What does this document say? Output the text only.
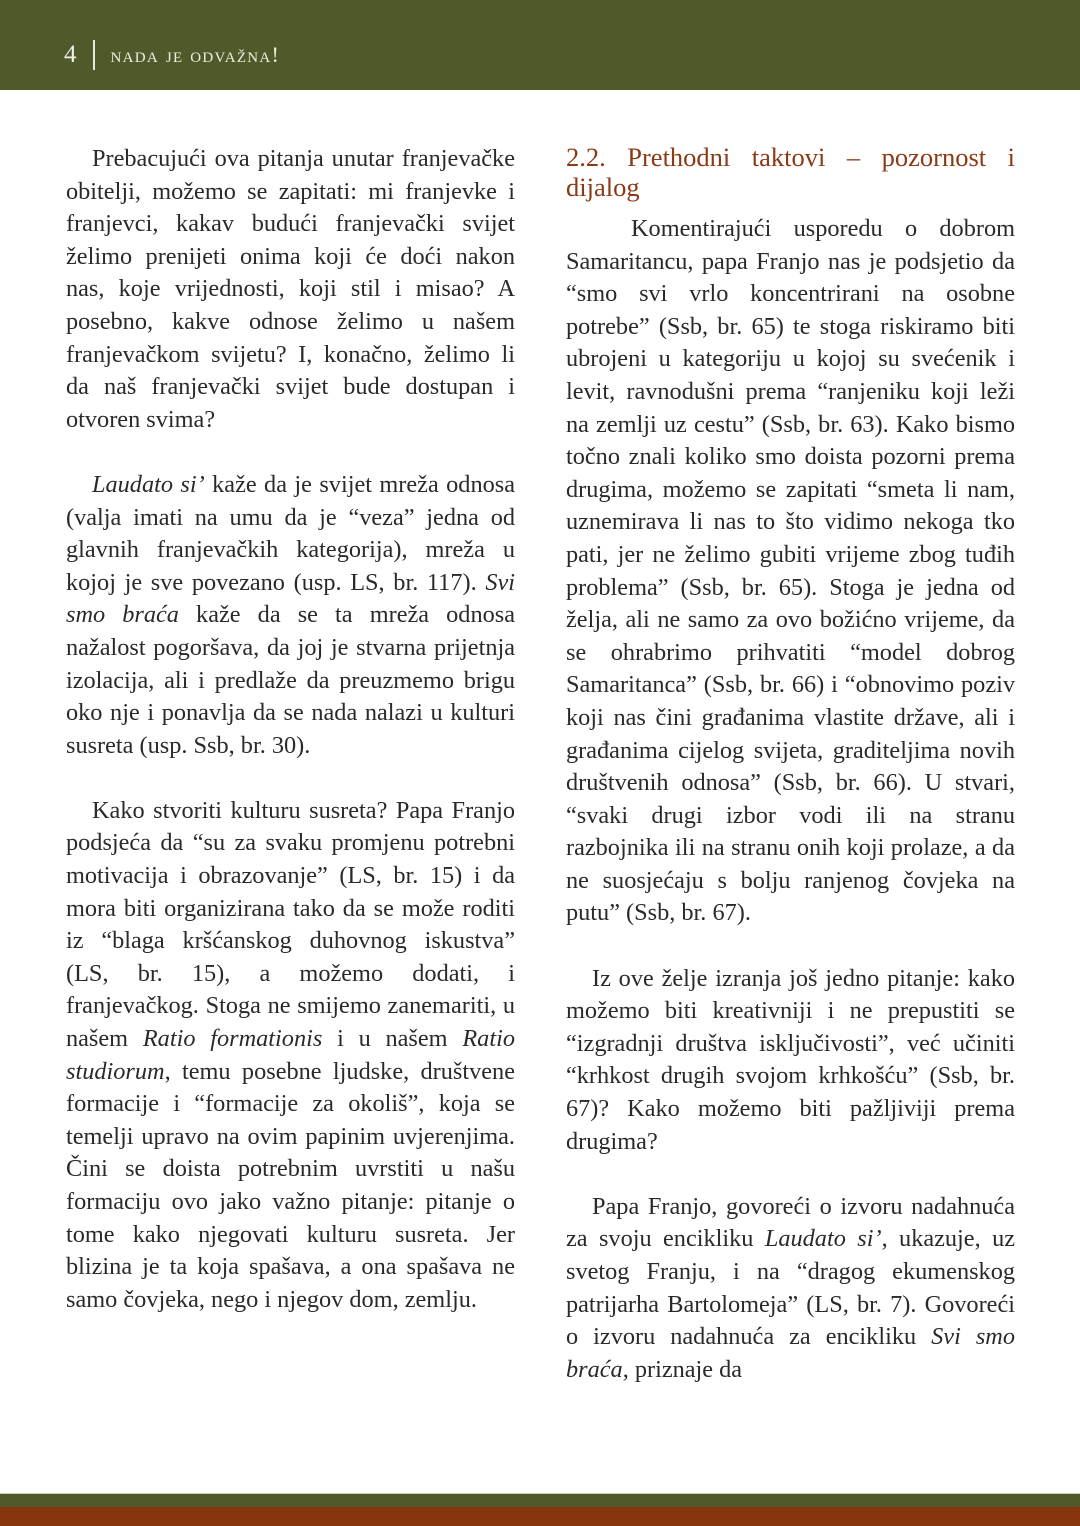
4 nada je odvažna!

Prebacujući ova pitanja unutar franjevačke obitelji, možemo se zapitati: mi franjevke i franjevci, kakav budući franjevački svijet želimo prenijeti onima koji će doći nakon nas, koje vrijednosti, koji stil i misao? A posebno, kakve odnose želimo u našem franjevačkom svijetu? I, konačno, želimo li da naš franjevački svijet bude dostupan i otvoren svima?

Laudato si’ kaže da je svijet mreža odnosa (valja imati na umu da je “veza” jedna od glavnih franjevačkih kategorija), mreža u kojoj je sve povezano (usp. LS, br. 117). Svi smo braća kaže da se ta mreža odnosa nažalost pogoršava, da joj je stvarna prijetnja izolacija, ali i predlaže da preuzmemo brigu oko nje i ponavlja da se nada nalazi u kulturi susreta (usp. Ssb, br. 30).

Kako stvoriti kulturu susreta? Papa Franjo podsjeća da “su za svaku promjenu potrebni motivacija i obrazovanje” (LS, br. 15) i da mora biti organizirana tako da se može roditi iz “blaga kršćanskog duhovnog iskustva” (LS, br. 15), a možemo dodati, i franjevačkog. Stoga ne smijemo zanemariti, u našem Ratio formationis i u našem Ratio studiorum, temu posebne ljudske, društvene formacije i “formacije za okoliš”, koja se temelji upravo na ovim papinim uvjerenjima. Čini se doista potrebnim uvrstiti u našu formaciju ovo jako važno pitanje: pitanje o tome kako njegovati kulturu susreta. Jer blizina je ta koja spašava, a ona spašava ne samo čovjeka, nego i njegov dom, zemlju.

2.2. Prethodni taktovi – pozornost i dijalog

Komentirajući usporedu o dobrom Samaritancu, papa Franjo nas je podsjetio da “smo svi vrlo koncentrirani na osobne potrebe” (Ssb, br. 65) te stoga riskiramo biti ubrojeni u kategoriju u kojoj su svećenik i levit, ravnodušni prema “ranjeniku koji leži na zemlji uz cestu” (Ssb, br. 63). Kako bismo točno znali koliko smo doista pozorni prema drugima, možemo se zapitati “smeta li nam, uznemirava li nas to što vidimo nekoga tko pati, jer ne želimo gubiti vrijeme zbog tuđih problema” (Ssb, br. 65). Stoga je jedna od želja, ali ne samo za ovo božićno vrijeme, da se ohrabrimo prihvatiti “model dobrog Samaritanca” (Ssb, br. 66) i “obnovimo poziv koji nas čini građanima vlastite države, ali i građanima cijelog svijeta, graditeljima novih društvenih odnosa” (Ssb, br. 66). U stvari, “svaki drugi izbor vodi ili na stranu razbojnika ili na stranu onih koji prolaze, a da ne suosjećaju s bolju ranjenog čovjeka na putu” (Ssb, br. 67).

Iz ove želje izranja još jedno pitanje: kako možemo biti kreativniji i ne prepustiti se “izgradnji društva isključivosti”, već učiniti “krhkost drugih svojom krhkošću” (Ssb, br. 67)? Kako možemo biti pažljiviji prema drugima?

Papa Franjo, govoreći o izvoru nadahnuća za svoju encikliku Laudato si’, ukazuje, uz svetog Franju, i na “dragog ekumenskog patrijarha Bartolomeja” (LS, br. 7). Govoreći o izvoru nadahnuća za encikliku Svi smo braća, priznaje da
